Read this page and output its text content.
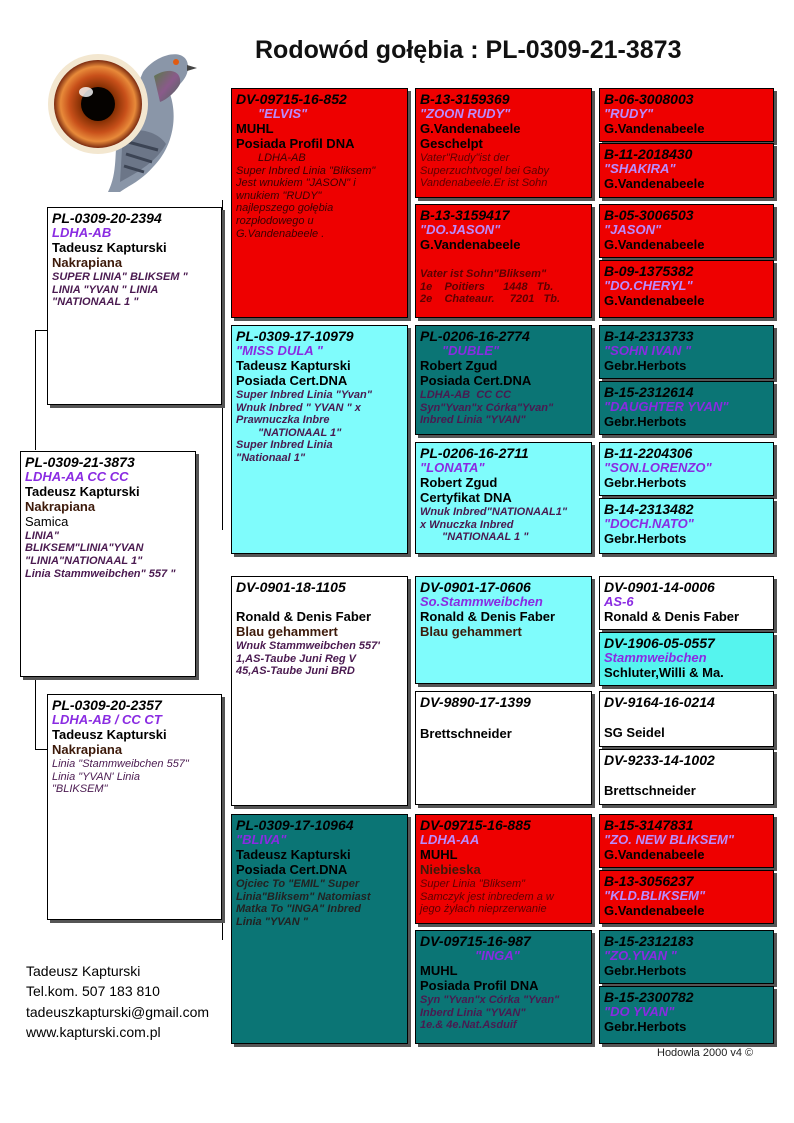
Rodowód gołębia : PL-0309-21-3873
PL-0309-21-3873
LDHA-AA CC CC
Tadeusz Kapturski
Nakrapiana
Samica
LINIA"
BLIKSEM"LINIA"YVAN
"LINIA"NATIONAAL 1"
Linia Stammweibchen" 557 "
PL-0309-20-2394
LDHA-AB
Tadeusz Kapturski
Nakrapiana
SUPER LINIA" BLIKSEM "
LINIA "YVAN " LINIA
"NATIONAAL 1 "
PL-0309-20-2357
LDHA-AB / CC CT
Tadeusz Kapturski
Nakrapiana
Linia "Stammweibchen 557"
Linia "YVAN' Linia
"BLIKSEM"
DV-09715-16-852
"ELVIS"
MUHL
Posiada Profil DNA
LDHA-AB
Super Inbred Linia "Bliksem"
Jest wnukiem "JASON" i
wnukiem "RUDY"
najlepszego gołębia
rozpłodowego u
G.Vandenabeele .
PL-0309-17-10979
"MISS DULA "
Tadeusz Kapturski
Posiada Cert.DNA
Super Inbred Linia "Yvan"
Wnuk Inbred " YVAN " x
Prawnuczka Inbre
"NATIONAAL 1"
Super Inbred Linia
"Nationaal 1"
DV-0901-18-1105
Ronald & Denis Faber
Blau gehammert
Wnuk Stammweibchen 557'
1,AS-Taube Juni Reg V
45,AS-Taube Juni BRD
PL-0309-17-10964
"BLIVA"
Tadeusz Kapturski
Posiada Cert.DNA
Ojciec To "EMIL" Super
Linia"Bliksem" Natomiast
Matka To "INGA" Inbred
Linia "YVAN "
B-13-3159369
"ZOON RUDY"
G.Vandenabeele
Geschelpt
Vater"Rudy"ist der
Superzuchtvogel bei Gaby
Vandenabeele.Er ist Sohn
B-13-3159417
"DO.JASON"
G.Vandenabeele
Vater ist Sohn"Bliksem"
1e    Poitiers      1448   Tb.
2e    Chateaur.     7201   Tb.
PL-0206-16-2774
"DUBLE"
Robert Zgud
Posiada Cert.DNA
LDHA-AB  CC CC
Syn"Yvan"x Córka"Yvan"
Inbred Linia "YVAN"
PL-0206-16-2711
"LONATA"
Robert Zgud
Certyfikat DNA
Wnuk Inbred"NATIONAAL1"
x Wnuczka Inbred
"NATIONAAL 1 "
DV-0901-17-0606
So.Stammweibchen
Ronald & Denis Faber
Blau gehammert
DV-9890-17-1399
Brettschneider
DV-09715-16-885
LDHA-AA
MUHL
Niebieska
Super Linia "Bliksem"
Samczyk jest inbredem a w
jego żyłach nieprzerwanie
DV-09715-16-987
"INGA"
MUHL
Posiada Profil DNA
Syn "Yvan"x Córka "Yvan"
Inberd Linia "YVAN"
1e.& 4e.Nat.Asduif
B-06-3008003
"RUDY"
G.Vandenabeele
B-11-2018430
"SHAKIRA"
G.Vandenabeele
B-05-3006503
"JASON"
G.Vandenabeele
B-09-1375382
"DO.CHERYL"
G.Vandenabeele
B-14-2313733
"SOHN IVAN "
Gebr.Herbots
B-15-2312614
"DAUGHTER YVAN"
Gebr.Herbots
B-11-2204306
"SON.LORENZO"
Gebr.Herbots
B-14-2313482
"DOCH.NATO"
Gebr.Herbots
DV-0901-14-0006
AS-6
Ronald & Denis Faber
DV-1906-05-0557
Stammweibchen
Schluter,Willi & Ma.
DV-9164-16-0214
SG Seidel
DV-9233-14-1002
Brettschneider
B-15-3147831
"ZO. NEW BLIKSEM"
G.Vandenabeele
B-13-3056237
"KLD.BLIKSEM"
G.Vandenabeele
B-15-2312183
"ZO.YVAN "
Gebr.Herbots
B-15-2300782
"DO YVAN"
Gebr.Herbots
Tadeusz Kapturski
Tel.kom. 507 183 810
tadeuszkapturski@gmail.com
www.kapturski.com.pl
Hodowla 2000 v4 ©
